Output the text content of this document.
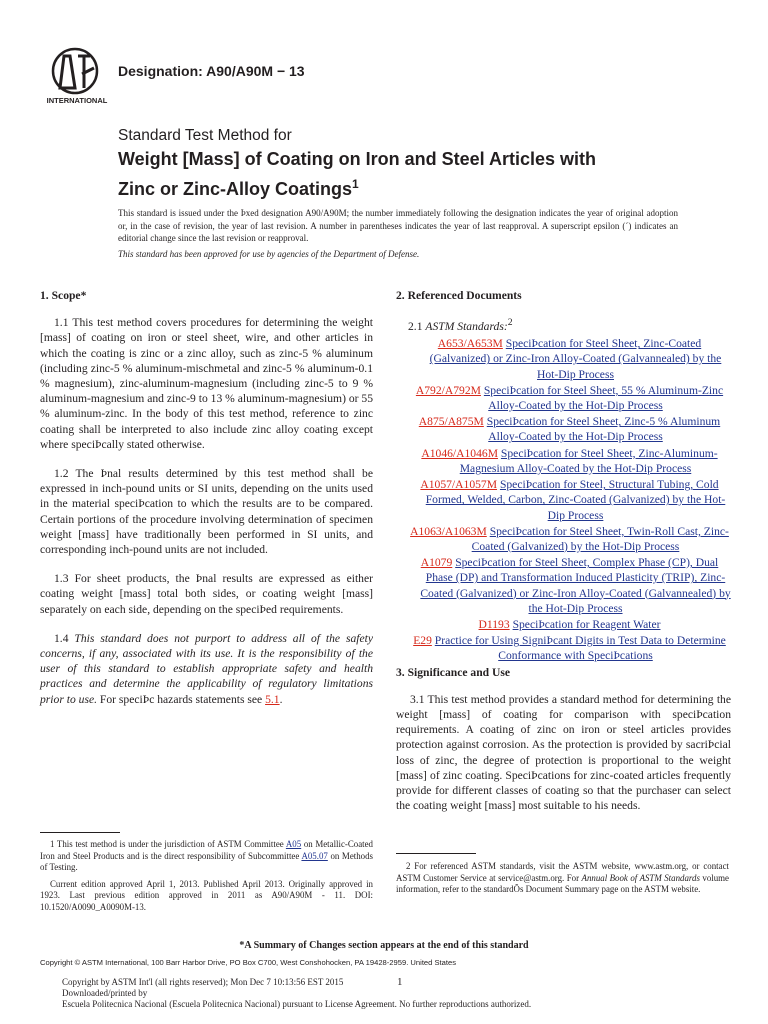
INTERNATIONAL
Designation: A90/A90M − 13
Standard Test Method for
Weight [Mass] of Coating on Iron and Steel Articles with
Zinc or Zinc-Alloy Coatings$^1$
This standard is issued under the Þxed designation A90/A90M; the number immediately following the designation indicates the year of original adoption or, in the case of revision, the year of last revision. A number in parentheses indicates the year of last reapproval. A superscript epsilon (´) indicates an editorial change since the last revision or reapproval.
This standard has been approved for use by agencies of the Department of Defense.
1. Scope*

1.1 This test method covers procedures for determining the weight [mass] of coating on iron or steel sheet, wire, and other articles in which the coating is zinc or a zinc alloy, such as zinc-5 % aluminum (including zinc-5 % aluminum-mischmetal and zinc-5 % aluminum-0.1 % magnesium), zinc-aluminum-magnesium (including zinc-5 to 9 % aluminum-magnesium and zinc-9 to 13 % aluminum-magnesium) or 55 % aluminum-zinc. In the body of this test method, reference to zinc coating shall be interpreted to also include zinc alloy coating except where speciÞcally stated otherwise.

1.2 The Þnal results determined by this test method shall be expressed in inch-pound units or SI units, depending on the units used in the material speciÞcation to which the results are to be compared. Certain portions of the procedure involving determination of specimen weight [mass] have traditionally been performed in SI units, and corresponding inch-pound units are not included.

1.3 For sheet products, the Þnal results are expressed as either coating weight [mass] total both sides, or coating weight [mass] separately on each side, depending on the speciÞed requirements.

1.4 This standard does not purport to address all of the safety concerns, if any, associated with its use. It is the responsibility of the user of this standard to establish appropriate safety and health practices and determine the applicability of regulatory limitations prior to use. For speciÞc hazards statements see 5.1.

2. Referenced Documents
2.1 ASTM Standards:$^2$
A653/A653M SpeciÞcation for Steel Sheet, Zinc-Coated (Galvanized) or Zinc-Iron Alloy-Coated (Galvannealed) by the Hot-Dip Process
A792/A792M SpeciÞcation for Steel Sheet, 55 % Aluminum-Zinc Alloy-Coated by the Hot-Dip Process
A875/A875M SpeciÞcation for Steel Sheet, Zinc-5 % Aluminum Alloy-Coated by the Hot-Dip Process
A1046/A1046M SpeciÞcation for Steel Sheet, Zinc-Aluminum-Magnesium Alloy-Coated by the Hot-Dip Process
A1057/A1057M SpeciÞcation for Steel, Structural Tubing, Cold Formed, Welded, Carbon, Zinc-Coated (Galvanized) by the Hot-Dip Process
A1063/A1063M SpeciÞcation for Steel Sheet, Twin-Roll Cast, Zinc-Coated (Galvanized) by the Hot-Dip Process
A1079 SpeciÞcation for Steel Sheet, Complex Phase (CP), Dual Phase (DP) and Transformation Induced Plasticity (TRIP), Zinc-Coated (Galvanized) or Zinc-Iron Alloy-Coated (Galvannealed) by the Hot-Dip Process
D1193 SpeciÞcation for Reagent Water
E29 Practice for Using SigniÞcant Digits in Test Data to Determine Conformance with SpeciÞcations
3. Significance and Use

3.1 This test method provides a standard method for determining the weight [mass] of coating for comparison with speciÞcation requirements. A coating of zinc on iron or steel articles provides protection against corrosion. As the protection is provided by sacriÞcial loss of zinc, the degree of protection is proportional to the weight [mass] of zinc coating. SpeciÞcations for zinc-coated articles frequently provide for different classes of coating so that the purchaser can select the coating weight [mass] most suitable to his needs.

1 This test method is under the jurisdiction of ASTM Committee A05 on Metallic-Coated Iron and Steel Products and is the direct responsibility of Subcommittee A05.07 on Methods of Testing.

Current edition approved April 1, 2013. Published April 2013. Originally approved in 1923. Last previous edition approved in 2011 as A90/A90M - 11. DOI: 10.1520/A0090_A0090M-13.

2 For referenced ASTM standards, visit the ASTM website, www.astm.org, or contact ASTM Customer Service at service@astm.org. For Annual Book of ASTM Standards volume information, refer to the standardÕs Document Summary page on the ASTM website.

*A Summary of Changes section appears at the end of this standard
Copyright © ASTM International, 100 Barr Harbor Drive, PO Box C700, West Conshohocken, PA 19428-2959. United States
Copyright by ASTM Int'l (all rights reserved); Mon Dec 7 10:13:56 EST 2015	1
Downloaded/printed by
Escuela Politecnica Nacional (Escuela Politecnica Nacional) pursuant to License Agreement. No further reproductions authorized.
